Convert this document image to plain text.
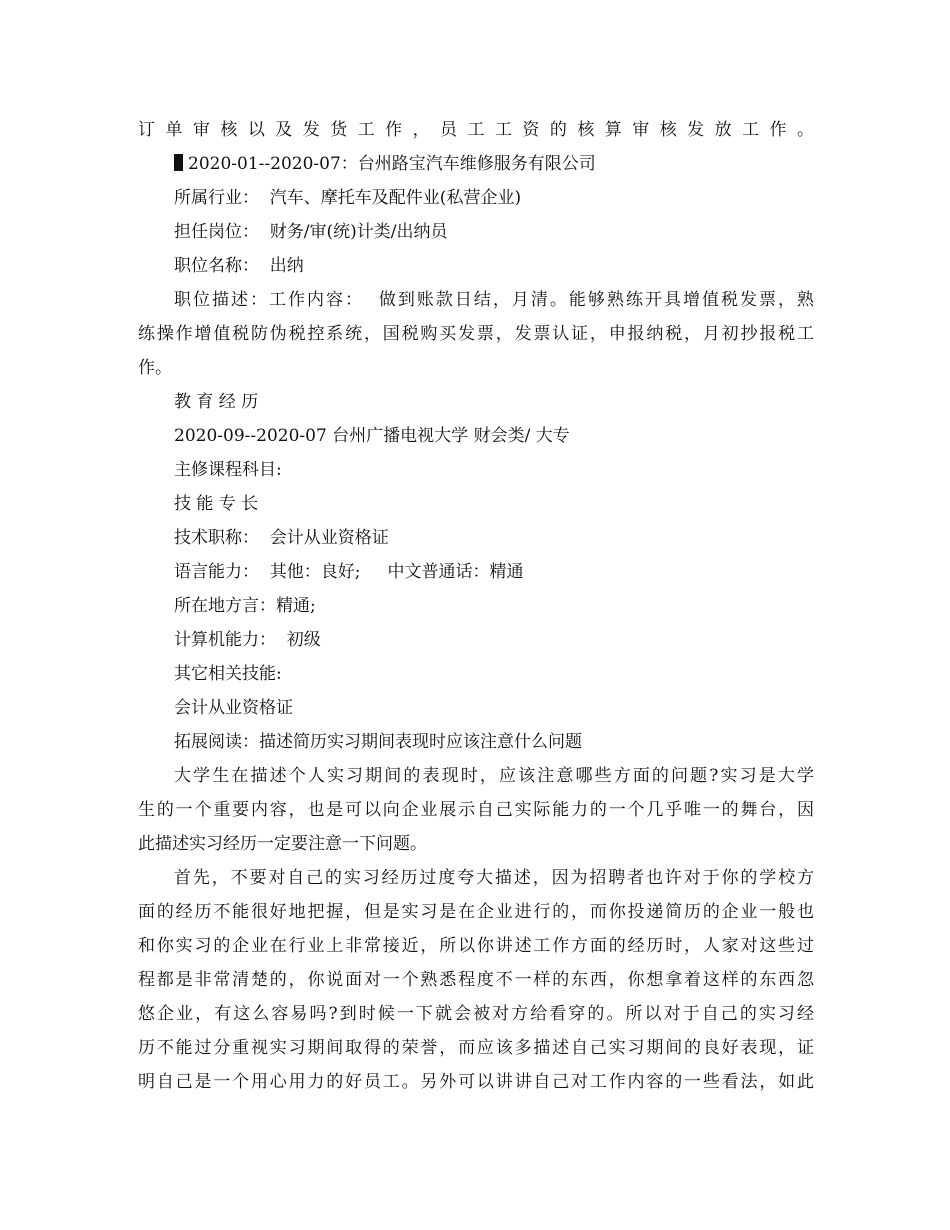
订单审核以及发货工作，员工工资的核算审核发放工作。
2020-01--2020-07：台州路宝汽车维修服务有限公司
所属行业：  汽车、摩托车及配件业(私营企业)
担任岗位：  财务/审(统)计类/出纳员
职位名称：  出纳
职位描述：工作内容：  做到账款日结，月清。能够熟练开具增值税发票，熟
练操作增值税防伪税控系统，国税购买发票，发票认证，申报纳税，月初抄报税工
作。
教 育 经 历
2020-09--2020-07 台州广播电视大学 财会类/ 大专
主修课程科目:
技 能 专 长
技术职称：  会计从业资格证
语言能力：  其他：良好;     中文普通话：精通
所在地方言：精通;
计算机能力：  初级
其它相关技能:
会计从业资格证
拓展阅读：描述简历实习期间表现时应该注意什么问题
大学生在描述个人实习期间的表现时，应该注意哪些方面的问题?实习是大学
生的一个重要内容，也是可以向企业展示自己实际能力的一个几乎唯一的舞台，因
此描述实习经历一定要注意一下问题。
首先，不要对自己的实习经历过度夸大描述，因为招聘者也许对于你的学校方
面的经历不能很好地把握，但是实习是在企业进行的，而你投递简历的企业一般也
和你实习的企业在行业上非常接近，所以你讲述工作方面的经历时，人家对这些过
程都是非常清楚的，你说面对一个熟悉程度不一样的东西，你想拿着这样的东西忽
悠企业，有这么容易吗?到时候一下就会被对方给看穿的。所以对于自己的实习经
历不能过分重视实习期间取得的荣誉，而应该多描述自己实习期间的良好表现，证
明自己是一个用心用力的好员工。另外可以讲讲自己对工作内容的一些看法，如此
